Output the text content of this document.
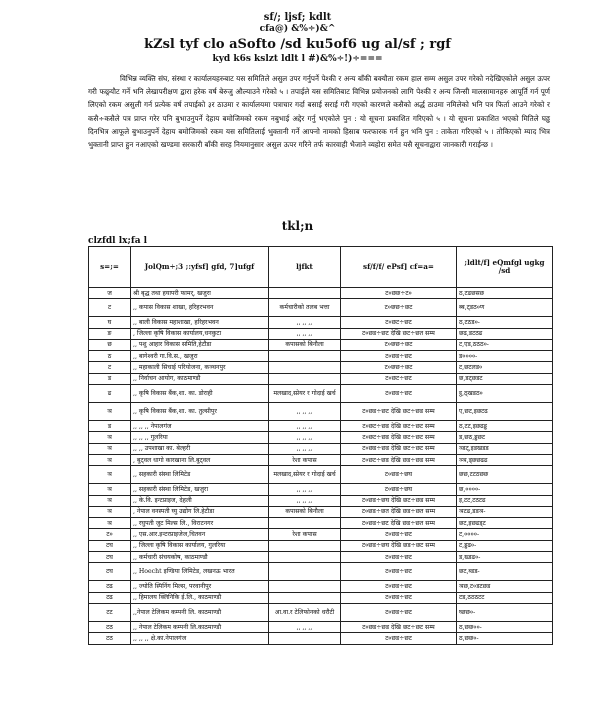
sf/; ljsf; kdlt
cfa@) &%÷)&^
kZsl tyf clo aSofto /sd ku5of6 ug al/sf ; rgf
kyd k6s kslzt ldlt l #)&%÷!)÷===

विभिन्न व्यक्ति संघ, संस्था र कार्यालयहरुबाट यस समितिले असुल उपर गर्नुपर्ने पेश्की र अन्य बाँकी बक्यौता रकम हाल सम्म असुल उपर गरेको नदेखिएकोले असुल ऊपर गरी फछ्र्यौट गर्ने भनि लेखापरीक्षण द्वारा हरेक वर्ष बेरुजु औल्याउने गरेको ५ । तपाईले यस समितिबाट विभिन्न प्रयोजनको लागि पेश्की र अन्य जिन्सी मालसामानहरु आपूर्ति गर्न पूर्ण लिएको रकम असुली गर्न प्रत्येक वर्ष तपाईको ३र ठाउमा र कार्यालयमा पत्राचार गर्दा बसाई सराई गरी गएको कारणले कसैको अर्द्ध ठाउमा नमिलेको भनि पत्र फिर्ता आउने गरेको र कसै÷कसैले पत्र प्राप्त गरेर पनि बुभाउनुपर्ने देहाय बमोजिमको रकम नबुभाई अद्देर गर्नु भएकोले पुन : यो सूचना प्रकाशित गरिएको ५ । यो सूचना प्रकाशित भएको मितिले घढ्ढ दिनभित्र आफूले बुभाउनुपर्ने देहाय बमोजिमको रकम यस समितिलाई भुक्तानी गर्ने आफ्नो नामको हिसाब फरफारक गर्न हुन भनि पुन : ताकेता गरिएको ५ । तोकिएको म्याद भित्र भुक्तानी प्राप्त हुन नआएको खण्डमा सरकारी बाँकी सरह नियमानुसार असुल ऊपर गरिने तर्फ कारवाही भैजाने व्यहोरा समेत यसै सूचनाद्वारा जानकारी गराईन्छ ।

tkl;n
clzfdl lx;fa l
s=;=	JolQm÷;3 ;:yfsf] gfd, 7]ufgf	ljfkt	sf/f/f/ ePsf] cf=a=	;ldlt/f] eQmfgl ugkg /sd
ज	श्री बृद्ध तथा हयापरी फामर्, खजुरा		ट०छछ÷ट०	ठ,टढछसछ
ट	,, कपास विकास शाखा, हरिहरभवन	कर्मचारीको तलब भत्ता	ट०छछ÷छट	ब्ब,ट्डठ०ण
घ	,, बाली विकास महाशाखा, हरिहरभवन	,, ,, ,,	ट०छट÷छट	ठ,टठड०-
ङ	, जिल्ला कृषि विकास कार्यालय,धनकुटा	,, ,, ,,	ट०छड÷छट देखि छट÷छत सम्म	छढ,डटठढ
छ	,, पशु आहार विकास समिति,हेटौडा	कपासको बिनौला	ट०छछ÷छट	ट,एड,ठठठ०-
ठ	,, बागेश्वरी गा.वि.स., खजुरा		ट०छड÷छट	ड००००-
ट	,, महाकाली सिचाई परियोजना, कञ्चनपुर		ट०छछ÷छट	ट,छटलड०
ड	,, निर्वाचन आयोग, काठमाण्डौ		ट०छट÷छट	छ,डट्छडट
ढ	,, कृषि विकास बैंक,शा. का. डोराही	मलखाद,स्प्रेयर र गोदाई खर्च	ट०छड÷छट	ट्ठ,ठ्खडठ०
ञ	,, कृषि विकास बैंक,शा. का. तुल्सीपुर	,, ,, ,,	ट०छड÷छट देखि छट÷छड सम्म	ए,छट,इछटढ
ड	,, ,, ,, नेपालगंज	,, ,, ,,	ट०छट÷छड देखि छट÷छट सम्म	ठ,टट,इछढड्ड
ञ	,, ,, ,, गुलरिया	,, ,, ,,	ट०छट÷छड देखि छट÷छट सम्म	ड,छठ,ड्डछट
ञ	,, ,, उपशाखा का. बेल्हरी	,, ,, ,,	ट०छड÷छड देखि छट÷छट सम्म	ञ्डट्,इडखडड
ञ	, बुट्वल धागो कारखाना लि.बुट्वल	रेशा कपास	ट०छट÷छड देखि छड÷छड सम्म	ञ्ञ,ड्छछढढ
ञ	,, सहकारी संस्था लिमिटेड	मलखाद,स्प्रेयर र गोदाई खर्च	ट०छड÷छघ	छछ,टटठछछ
ञ	,, सहकारी संस्था लिमिटेड, खजुरा	,, ,, ,,	ट०छड÷छघ	छ,००००-
ञ	,, के.वि. इन्टप्राइज, देहली	,, ,, ,,	ट०छड÷छघ देखि छट÷छड सम्म	इ,टट,टठटढ
ञ	, नेपाल वनस्पती घ्यु उद्योग लि.हेटौडा	कपासको बिनौला	ट०छड÷छत देखि छड÷छत सम्म	ञटढ,डडञ-
ञ	,, रघुपती जुट मिल्स लि., विराटनगर		ट०छड÷छट देखि छड÷छत सम्म	छट,इछढड्ट
ट०	,, एस.आर.इन्टरप्राइजेज,चितवन	रेशा कपास	ट०छड÷छट	ट,००००-
टघ	,, जिल्ला कृषि विकास कार्यालय, गुलरिया		ट०छड÷छघ देखि छड÷छट सम्म	ट,ड्डढ०-
टघ	,, कर्मचारी संचयकोष, काठमाण्डौ		ट०छड÷छट	ड,ख्डढ०-
टघ	,, Hoecht इण्डिया लिमिटेड, लखनऊ भारत		ट०छड÷छट	छट,ब्डड-
टढ	,, ज्योति स्पिनिंग मिल्स, परवानीपुर		ट०छड÷छट	ञछ,ट०डटछड
टढ	,, हिमालय क्लिनिकि ई.लि., काठमाण्डौ		ट०छड÷छट	टड,ठठठटट
टट	,,नेपाल टेलिकम कम्पनी लि. काठमाण्डौ	आ.वा.र टेलिफोनको धरौटी	ट०छड÷छट	घ्छछ०-
टठ	,, नेपाल टेलिकम कम्पनी लि.काठमाण्डौ	,, ,, ,,	ट०छड÷छड देखि छट÷छट सम्म	ठ,छछ००-
टठ	,, ,, ,, क्षे.का.नेपालगंज		ट०छड÷छट	ठ,छछ०-
